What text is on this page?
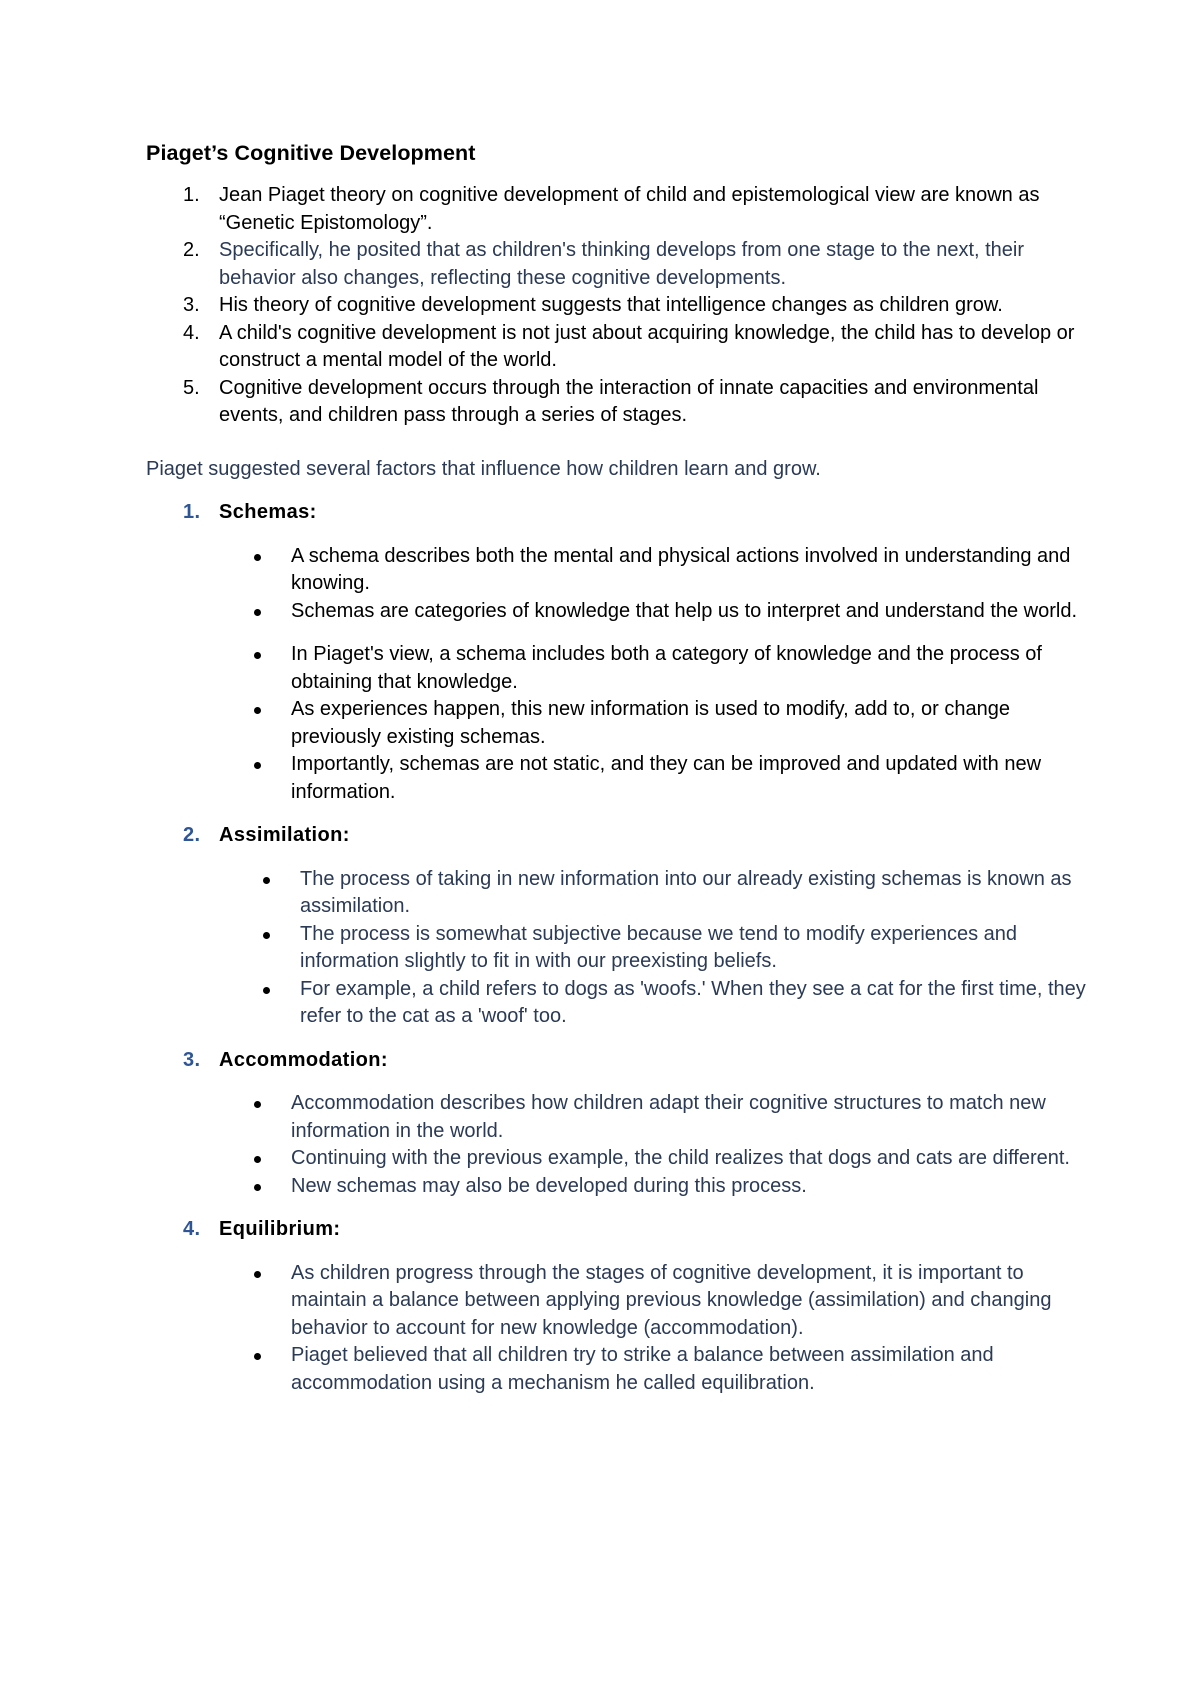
Piaget’s Cognitive Development
1. Jean Piaget theory on cognitive development of child and epistemological view are known as “Genetic Epistomology”.
2. Specifically, he posited that as children's thinking develops from one stage to the next, their behavior also changes, reflecting these cognitive developments.
3. His theory of cognitive development suggests that intelligence changes as children grow.
4. A child's cognitive development is not just about acquiring knowledge, the child has to develop or construct a mental model of the world.
5. Cognitive development occurs through the interaction of innate capacities and environmental events, and children pass through a series of stages.

Piaget suggested several factors that influence how children learn and grow.

1. Schemas:
A schema describes both the mental and physical actions involved in understanding and knowing.
Schemas are categories of knowledge that help us to interpret and understand the world.
In Piaget's view, a schema includes both a category of knowledge and the process of obtaining that knowledge.
As experiences happen, this new information is used to modify, add to, or change previously existing schemas.
Importantly, schemas are not static, and they can be improved and updated with new information.
2. Assimilation:
The process of taking in new information into our already existing schemas is known as assimilation.
The process is somewhat subjective because we tend to modify experiences and information slightly to fit in with our preexisting beliefs.
For example, a child refers to dogs as 'woofs.' When they see a cat for the first time, they refer to the cat as a 'woof' too.
3. Accommodation:
Accommodation describes how children adapt their cognitive structures to match new information in the world.
Continuing with the previous example, the child realizes that dogs and cats are different.
New schemas may also be developed during this process.
4. Equilibrium:
As children progress through the stages of cognitive development, it is important to maintain a balance between applying previous knowledge (assimilation) and changing behavior to account for new knowledge (accommodation).
Piaget believed that all children try to strike a balance between assimilation and accommodation using a mechanism he called equilibration.
